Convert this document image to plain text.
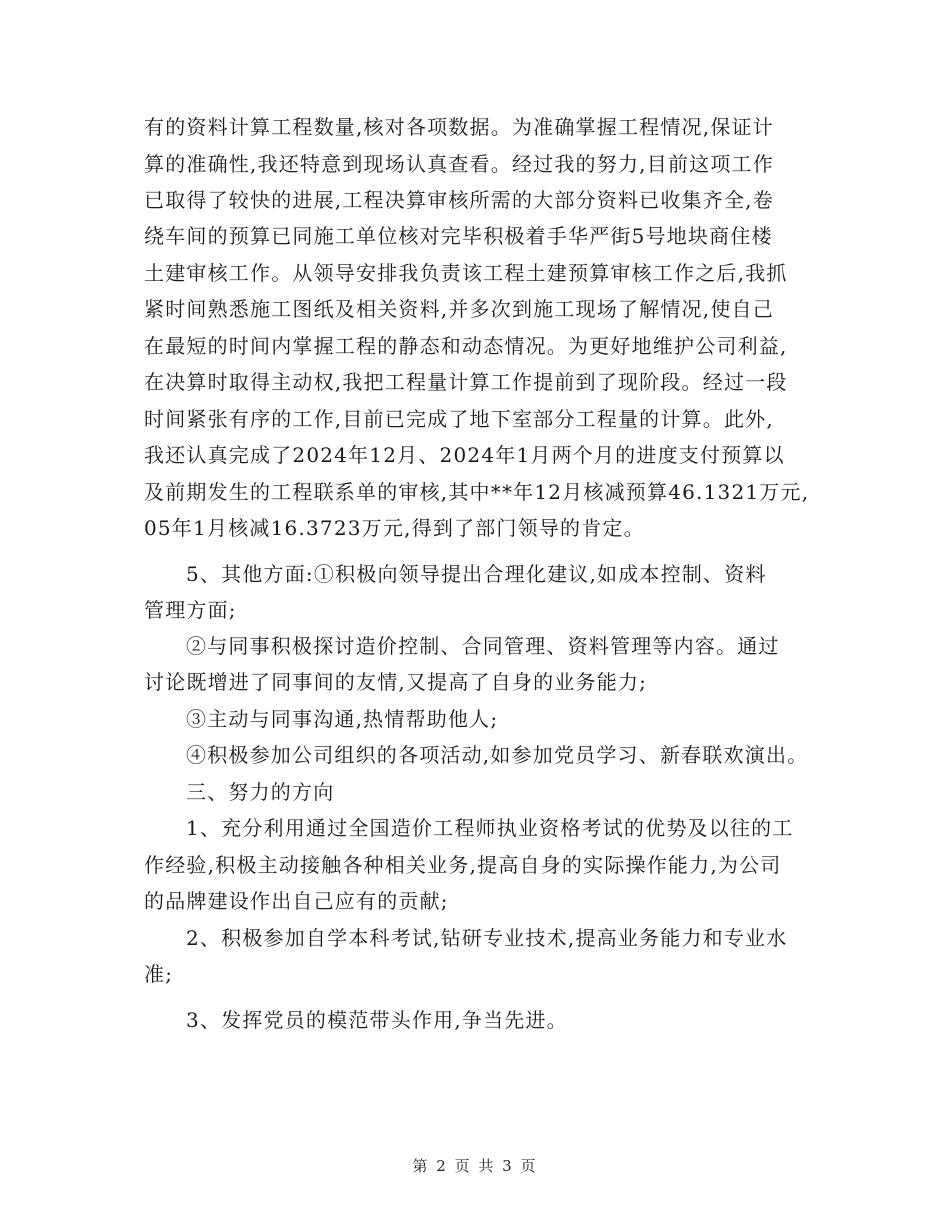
有的资料计算工程数量,核对各项数据。为准确掌握工程情况,保证计
算的准确性,我还特意到现场认真查看。经过我的努力,目前这项工作
已取得了较快的进展,工程决算审核所需的大部分资料已收集齐全,卷
绕车间的预算已同施工单位核对完毕积极着手华严街5号地块商住楼
土建审核工作。从领导安排我负责该工程土建预算审核工作之后,我抓
紧时间熟悉施工图纸及相关资料,并多次到施工现场了解情况,使自己
在最短的时间内掌握工程的静态和动态情况。为更好地维护公司利益,
在决算时取得主动权,我把工程量计算工作提前到了现阶段。经过一段
时间紧张有序的工作,目前已完成了地下室部分工程量的计算。此外,
我还认真完成了2024年12月、2024年1月两个月的进度支付预算以
及前期发生的工程联系单的审核,其中**年12月核减预算46.1321万元,
05年1月核减16.3723万元,得到了部门领导的肯定。
5、其他方面:①积极向领导提出合理化建议,如成本控制、资料
管理方面;
②与同事积极探讨造价控制、合同管理、资料管理等内容。通过
讨论既增进了同事间的友情,又提高了自身的业务能力;
③主动与同事沟通,热情帮助他人;
④积极参加公司组织的各项活动,如参加党员学习、新春联欢演出。
三、努力的方向
1、充分利用通过全国造价工程师执业资格考试的优势及以往的工
作经验,积极主动接触各种相关业务,提高自身的实际操作能力,为公司
的品牌建设作出自己应有的贡献;
2、积极参加自学本科考试,钻研专业技术,提高业务能力和专业水
准;
3、发挥党员的模范带头作用,争当先进。
第 2 页 共 3 页
